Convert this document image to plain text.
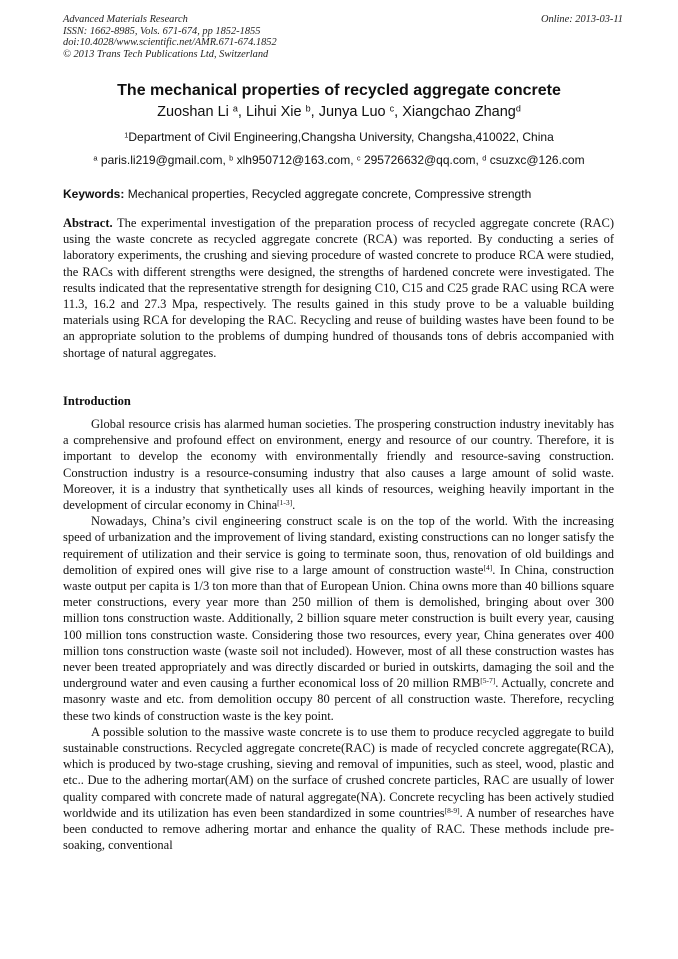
Advanced Materials Research
ISSN: 1662-8985, Vols. 671-674, pp 1852-1855
doi:10.4028/www.scientific.net/AMR.671-674.1852
© 2013 Trans Tech Publications Ltd, Switzerland
Online: 2013-03-11
The mechanical properties of recycled aggregate concrete
Zuoshan Li $^a$, Lihui Xie $^b$, Junya Luo $^c$, Xiangchao Zhang$^d$
$^1$Department of Civil Engineering,Changsha University, Changsha,410022, China
$^a$ paris.li219@gmail.com, $^b$ xlh950712@163.com, $^c$ 295726632@qq.com, $^d$ csuzxc@126.com
Keywords: Mechanical properties, Recycled aggregate concrete, Compressive strength

Abstract. The experimental investigation of the preparation process of recycled aggregate concrete (RAC) using the waste concrete as recycled aggregate concrete (RCA) was reported. By conducting a series of laboratory experiments, the crushing and sieving procedure of wasted concrete to produce RCA were studied, the RACs with different strengths were designed, the strengths of hardened concrete were investigated. The results indicated that the representative strength for designing C10, C15 and C25 grade RAC using RCA were 11.3, 16.2 and 27.3 Mpa, respectively. The results gained in this study prove to be a valuable building materials using RCA for developing the RAC. Recycling and reuse of building wastes have been found to be an appropriate solution to the problems of dumping hundred of thousands tons of debris accompanied with shortage of natural aggregates.

Introduction

Global resource crisis has alarmed human societies. The prospering construction industry inevitably has a comprehensive and profound effect on environment, energy and resource of our country. Therefore, it is important to develop the economy with environmentally friendly and resource-saving construction. Construction industry is a resource-consuming industry that also causes a large amount of solid waste. Moreover, it is a industry that synthetically uses all kinds of resources, weighing heavily important in the development of circular economy in China[1-3].

Nowadays, China’s civil engineering construct scale is on the top of the world. With the increasing speed of urbanization and the improvement of living standard, existing constructions can no longer satisfy the requirement of utilization and their service is going to terminate soon, thus, renovation of old buildings and demolition of expired ones will give rise to a large amount of construction waste[4]. In China, construction waste output per capita is 1/3 ton more than that of European Union. China owns more than 40 billions square meter constructions, every year more than 250 million of them is demolished, bringing about over 300 million tons construction waste. Additionally, 2 billion square meter construction is built every year, causing 100 million tons construction waste. Considering those two resources, every year, China generates over 400 million tons construction waste (waste soil not included). However, most of all these construction wastes has never been treated appropriately and was directly discarded or buried in outskirts, damaging the soil and the underground water and even causing a further economical loss of 20 million RMB[5-7]. Actually, concrete and masonry waste and etc. from demolition occupy 80 percent of all construction waste. Therefore, recycling these two kinds of construction waste is the key point.

A possible solution to the massive waste concrete is to use them to produce recycled aggregate to build sustainable constructions. Recycled aggregate concrete(RAC) is made of recycled concrete aggregate(RCA), which is produced by two-stage crushing, sieving and removal of impunities, such as steel, wood, plastic and etc.. Due to the adhering mortar(AM) on the surface of crushed concrete particles, RAC are usually of lower quality compared with concrete made of natural aggregate(NA). Concrete recycling has been actively studied worldwide and its utilization has even been standardized in some countries[8-9]. A number of researches have been conducted to remove adhering mortar and enhance the quality of RAC. These methods include pre-soaking, conventional
